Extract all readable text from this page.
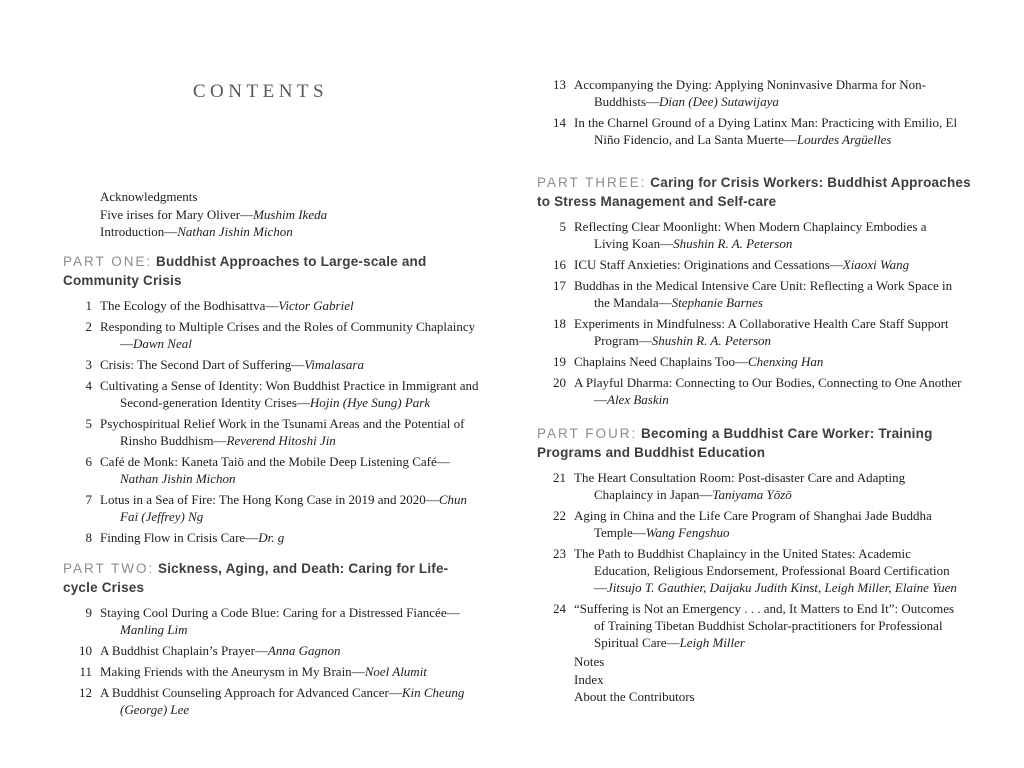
CONTENTS
Acknowledgments
Five irises for Mary Oliver—Mushim Ikeda
Introduction—Nathan Jishin Michon
PART ONE: Buddhist Approaches to Large-scale and Community Crisis
1 The Ecology of the Bodhisattva—Victor Gabriel
2 Responding to Multiple Crises and the Roles of Community Chaplaincy—Dawn Neal
3 Crisis: The Second Dart of Suffering—Vimalasara
4 Cultivating a Sense of Identity: Won Buddhist Practice in Immigrant and Second-generation Identity Crises—Hojin (Hye Sung) Park
5 Psychospiritual Relief Work in the Tsunami Areas and the Potential of Rinsho Buddhism—Reverend Hitoshi Jin
6 Café de Monk: Kaneta Taiō and the Mobile Deep Listening Café—Nathan Jishin Michon
7 Lotus in a Sea of Fire: The Hong Kong Case in 2019 and 2020—Chun Fai (Jeffrey) Ng
8 Finding Flow in Crisis Care—Dr. g
PART TWO: Sickness, Aging, and Death: Caring for Life-cycle Crises
9 Staying Cool During a Code Blue: Caring for a Distressed Fiancée—Manling Lim
10 A Buddhist Chaplain’s Prayer—Anna Gagnon
11 Making Friends with the Aneurysm in My Brain—Noel Alumit
12 A Buddhist Counseling Approach for Advanced Cancer—Kin Cheung (George) Lee
13 Accompanying the Dying: Applying Noninvasive Dharma for Non-Buddhists—Dian (Dee) Sutawijaya
14 In the Charnel Ground of a Dying Latinx Man: Practicing with Emilio, El Niño Fidencio, and La Santa Muerte—Lourdes Argüelles
PART THREE: Caring for Crisis Workers: Buddhist Approaches to Stress Management and Self-care
5 Reflecting Clear Moonlight: When Modern Chaplaincy Embodies a Living Koan—Shushin R. A. Peterson
16 ICU Staff Anxieties: Originations and Cessations—Xiaoxi Wang
17 Buddhas in the Medical Intensive Care Unit: Reflecting a Work Space in the Mandala—Stephanie Barnes
18 Experiments in Mindfulness: A Collaborative Health Care Staff Support Program—Shushin R. A. Peterson
19 Chaplains Need Chaplains Too—Chenxing Han
20 A Playful Dharma: Connecting to Our Bodies, Connecting to One Another—Alex Baskin
PART FOUR: Becoming a Buddhist Care Worker: Training Programs and Buddhist Education
21 The Heart Consultation Room: Post-disaster Care and Adapting Chaplaincy in Japan—Taniyama Yōzō
22 Aging in China and the Life Care Program of Shanghai Jade Buddha Temple—Wang Fengshuo
23 The Path to Buddhist Chaplaincy in the United States: Academic Education, Religious Endorsement, Professional Board Certification—Jitsujo T. Gauthier, Daijaku Judith Kinst, Leigh Miller, Elaine Yuen
24 “Suffering is Not an Emergency . . . and, It Matters to End It”: Outcomes of Training Tibetan Buddhist Scholar-practitioners for Professional Spiritual Care—Leigh Miller
Notes
Index
About the Contributors
